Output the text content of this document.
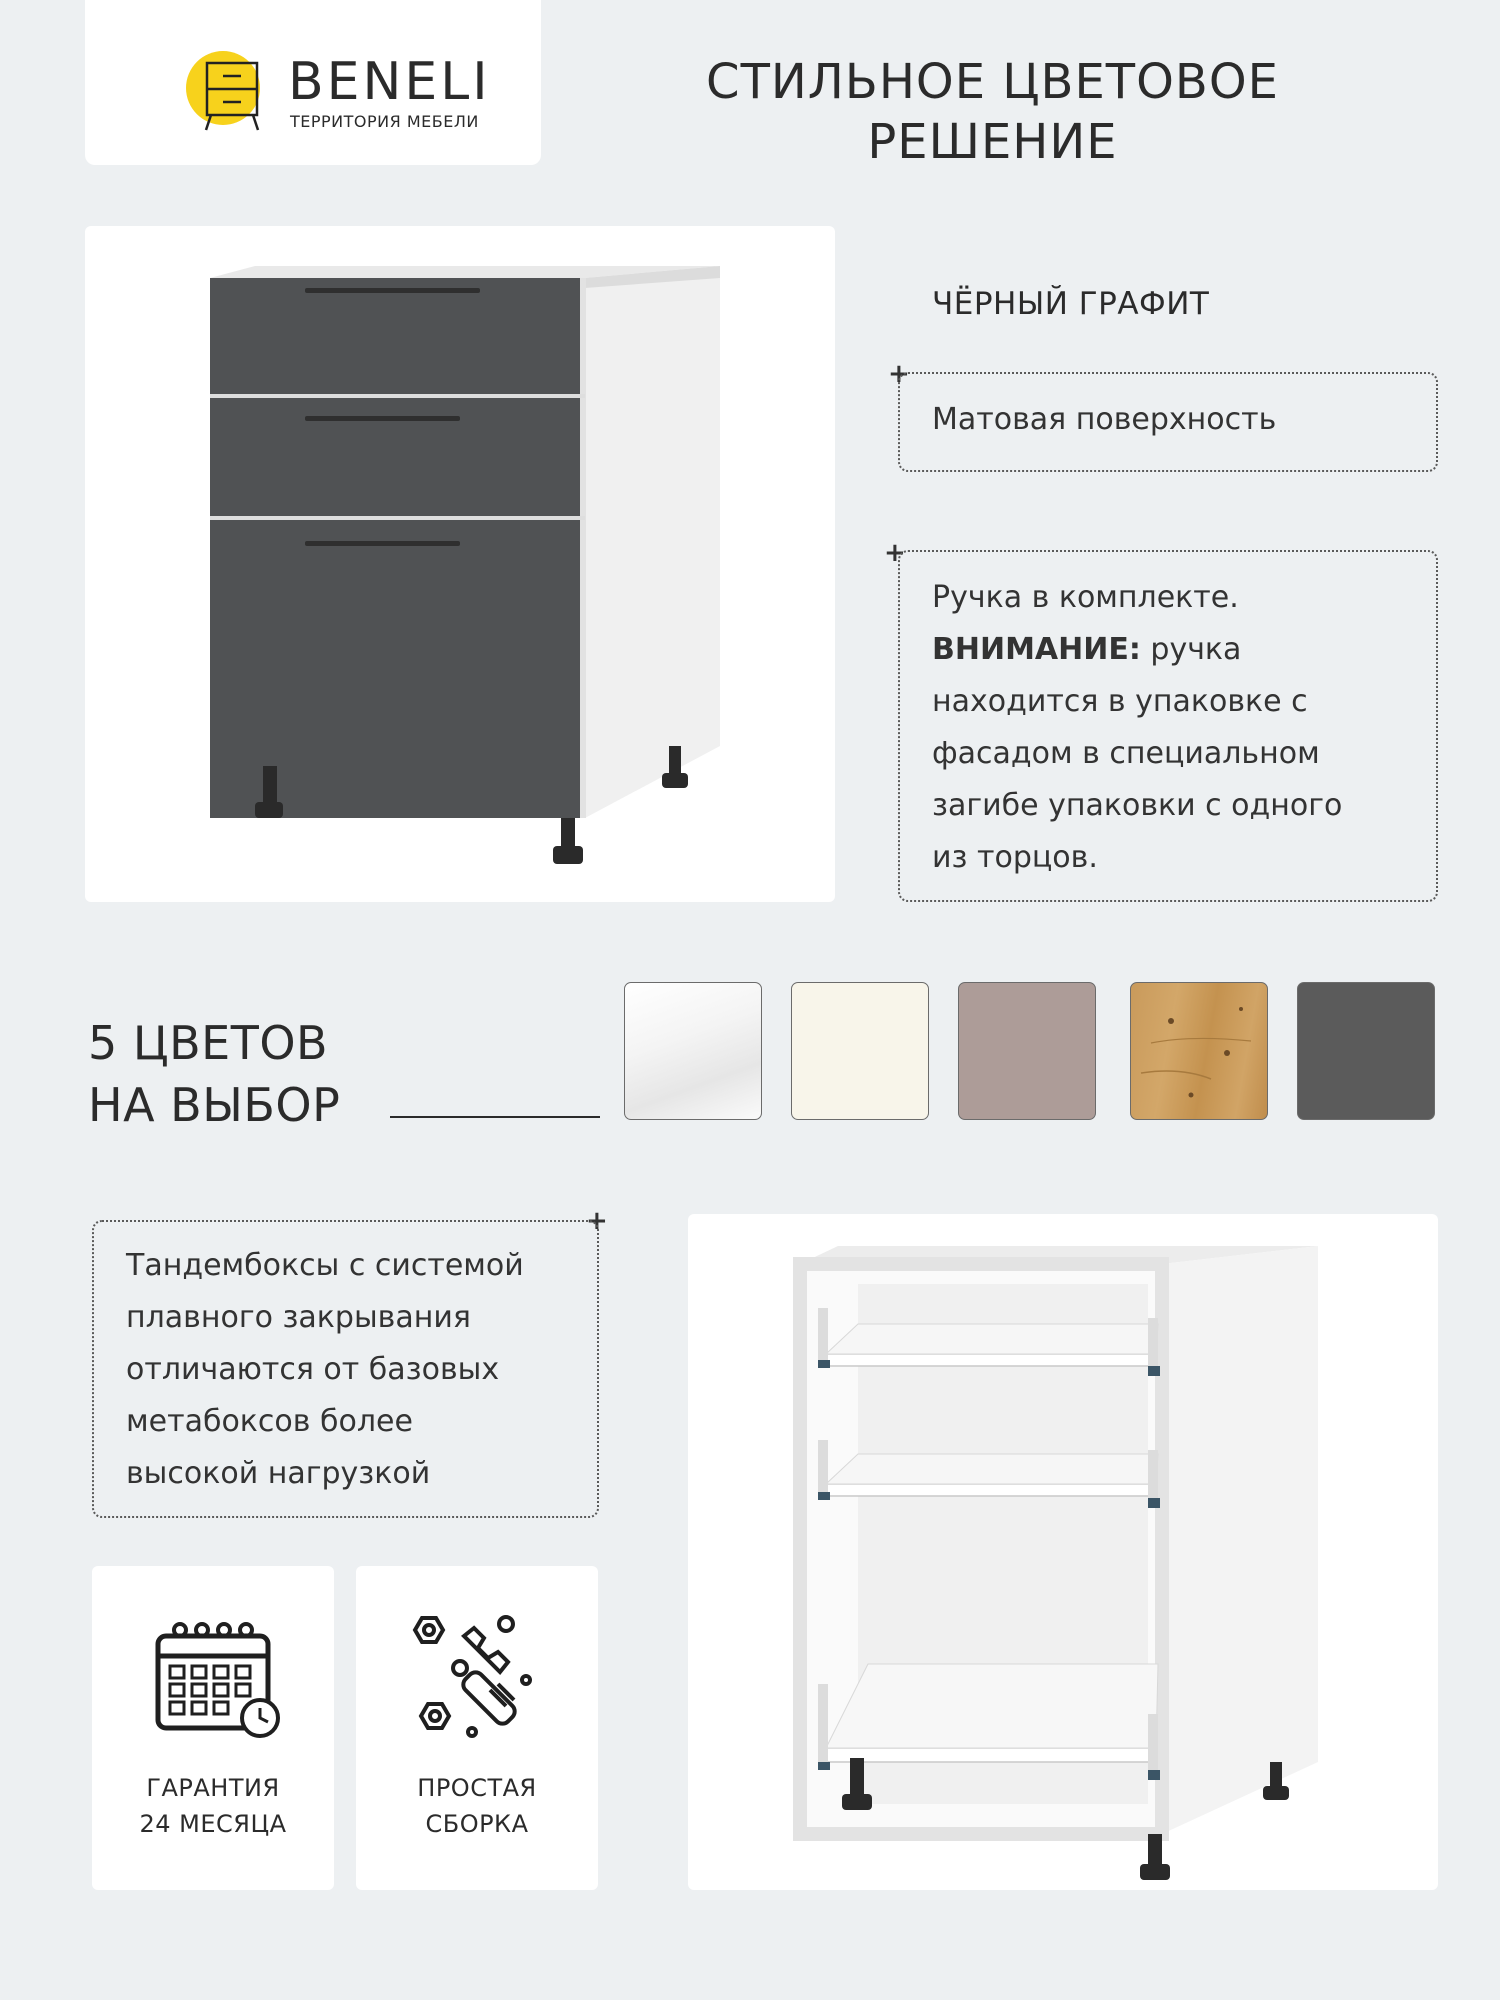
BENELI
ТЕРРИТОРИЯ МЕБЕЛИ
СТИЛЬНОЕ ЦВЕТОВОЕ
РЕШЕНИЕ
ЧЁРНЫЙ ГРАФИТ
+
Матовая поверхность
+
Ручка в комплекте.
ВНИМАНИЕ: ручка
находится в упаковке с
фасадом в специальном
загибе упаковки с одного
из торцов.
5 ЦВЕТОВ
НА ВЫБОР
+
Тандембоксы с системой
плавного закрывания
отличаются от базовых
метабоксов более
высокой нагрузкой
ГАРАНТИЯ
24 МЕСЯЦА
ПРОСТАЯ
СБОРКА
